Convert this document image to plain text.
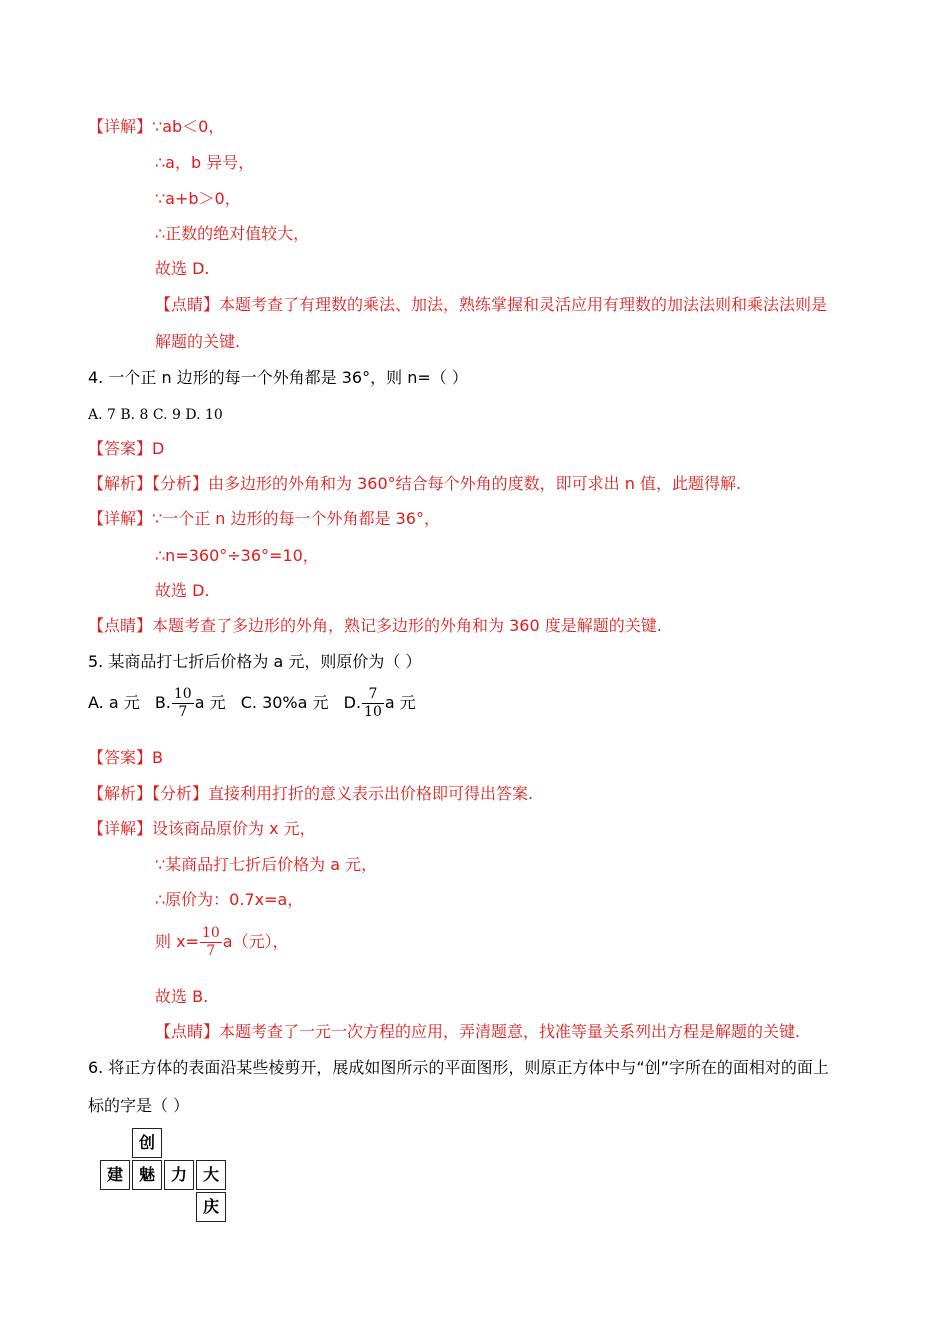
【详解】∵ab＜0，
∴a，b 异号，
∵a+b＞0，
∴正数的绝对值较大，
故选 D.
【点睛】本题考查了有理数的乘法、加法，熟练掌握和灵活应用有理数的加法法则和乘法法则是
解题的关键.
4. 一个正 n 边形的每一个外角都是 36°，则 n=（ ）
A. 7 B. 8 C. 9 D. 10
【答案】D
【解析】【分析】由多边形的外角和为 360°结合每个外角的度数，即可求出 n 值，此题得解.
【详解】∵一个正 n 边形的每一个外角都是 36°，
∴n=360°÷36°=10，
故选 D.
【点睛】本题考查了多边形的外角，熟记多边形的外角和为 360 度是解题的关键.
5. 某商品打七折后价格为 a 元，则原价为（ ）
A. a 元 B. $\frac{10}{7}$ a 元 C. 30%a 元 D. $\frac{7}{10}$ a 元
【答案】B
【解析】【分析】直接利用打折的意义表示出价格即可得出答案.
【详解】设该商品原价为 x 元，
∵某商品打七折后价格为 a 元，
∴原价为：0.7x=a，
则 $x= \frac{10}{7} a$（元），
故选 B.
【点睛】本题考查了一元一次方程的应用，弄清题意，找准等量关系列出方程是解题的关键.
6. 将正方体的表面沿某些棱剪开，展成如图所示的平面图形，则原正方体中与“创”字所在的面相对的面上
标的字是（ ）
创
建 魅 力 大
庆
